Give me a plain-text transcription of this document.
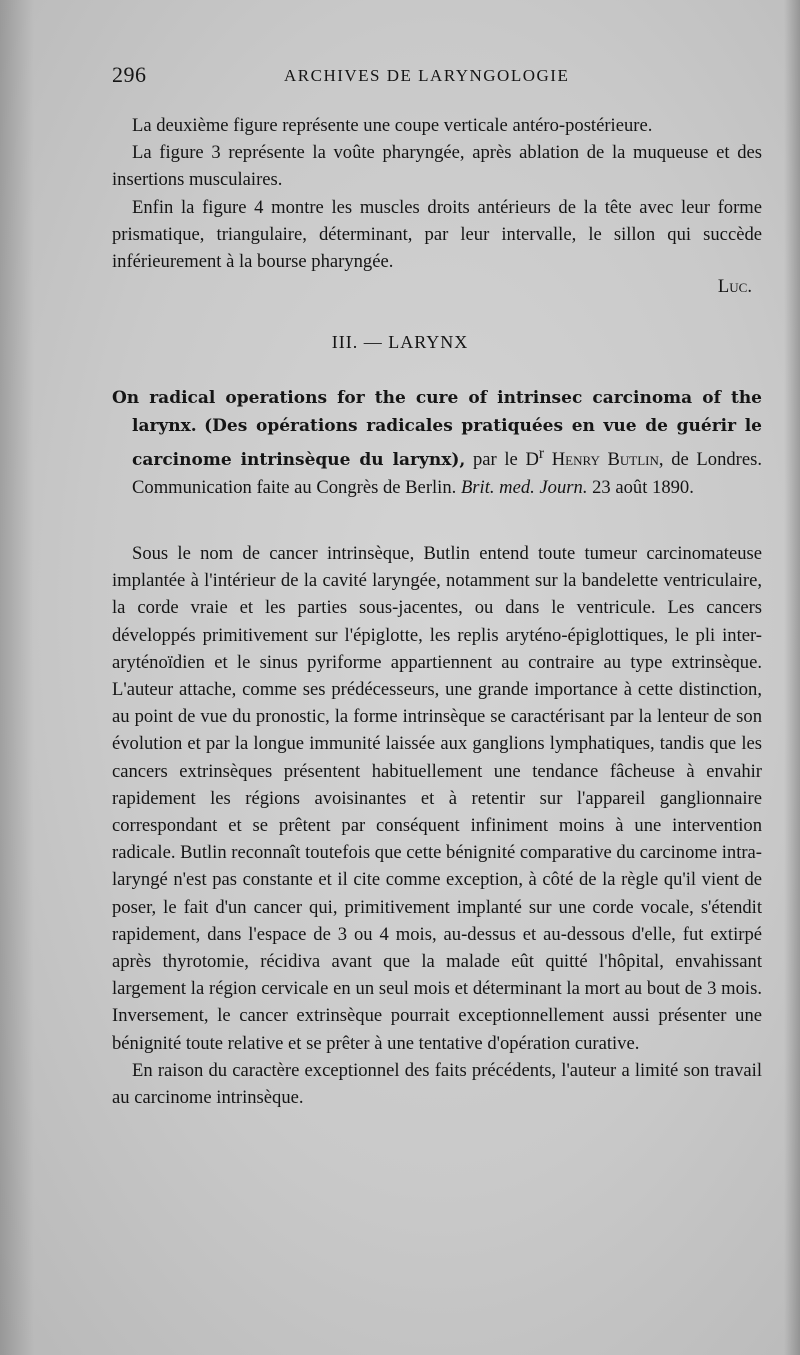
296	ARCHIVES DE LARYNGOLOGIE

La deuxième figure représente une coupe verticale antéro-postérieure.

La figure 3 représente la voûte pharyngée, après ablation de la muqueuse et des insertions musculaires.

Enfin la figure 4 montre les muscles droits antérieurs de la tête avec leur forme prismatique, triangulaire, déterminant, par leur intervalle, le sillon qui succède inférieurement à la bourse pharyngée.

Luc.
III. — LARYNX

On radical operations for the cure of intrinsec carcinoma of the larynx. (Des opérations radicales pratiquées en vue de guérir le carcinome intrinsèque du larynx), par le $D^r$ Henry Butlin, de Londres. Communication faite au Congrès de Berlin. Brit. med. Journ. 23 août 1890.

Sous le nom de cancer intrinsèque, Butlin entend toute tumeur carcinomateuse implantée à l'intérieur de la cavité laryngée, notamment sur la bandelette ventriculaire, la corde vraie et les parties sous-jacentes, ou dans le ventricule. Les cancers développés primitivement sur l'épiglotte, les replis aryténo-épiglottiques, le pli inter-aryténoïdien et le sinus pyriforme appartiennent au contraire au type extrinsèque. L'auteur attache, comme ses prédécesseurs, une grande importance à cette distinction, au point de vue du pronostic, la forme intrinsèque se caractérisant par la lenteur de son évolution et par la longue immunité laissée aux ganglions lymphatiques, tandis que les cancers extrinsèques présentent habituellement une tendance fâcheuse à envahir rapidement les régions avoisinantes et à retentir sur l'appareil ganglionnaire correspondant et se prêtent par conséquent infiniment moins à une intervention radicale. Butlin reconnaît toutefois que cette bénignité comparative du carcinome intra-laryngé n'est pas constante et il cite comme exception, à côté de la règle qu'il vient de poser, le fait d'un cancer qui, primitivement implanté sur une corde vocale, s'étendit rapidement, dans l'espace de 3 ou 4 mois, au-dessus et au-dessous d'elle, fut extirpé après thyrotomie, récidiva avant que la malade eût quitté l'hôpital, envahissant largement la région cervicale en un seul mois et déterminant la mort au bout de 3 mois. Inversement, le cancer extrinsèque pourrait exceptionnellement aussi présenter une bénignité toute relative et se prêter à une tentative d'opération curative.

En raison du caractère exceptionnel des faits précédents, l'auteur a limité son travail au carcinome intrinsèque.
